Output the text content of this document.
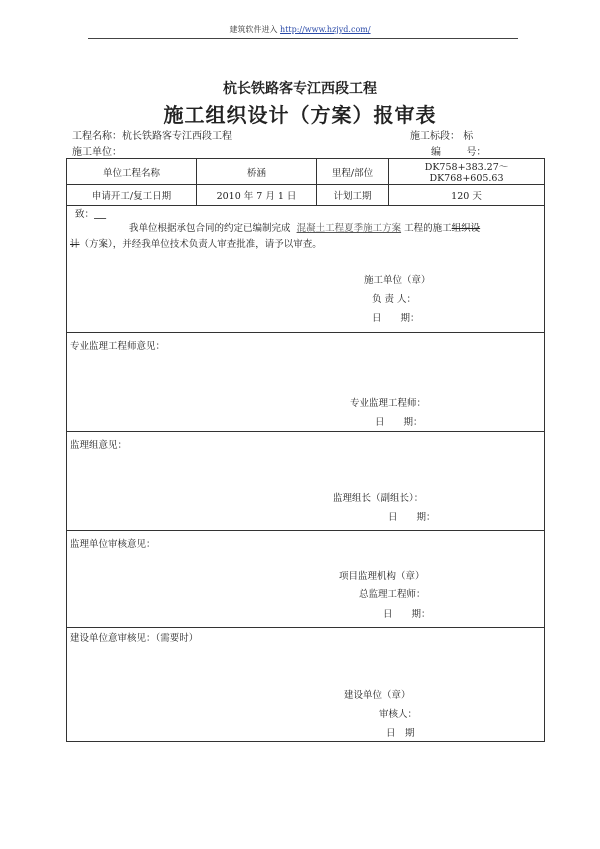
建筑软件进入 http://www.hzjyd.com/
杭长铁路客专江西段工程
施工组织设计（方案）报审表
工程名称：杭长铁路客专江西段工程	施工标段： 标
施工单位：	编	号：
单位工程名称	桥涵	里程/部位	DK758+383.27～DK768+605.63
申请开工/复工日期	2010 年 7 月 1 日	计划工期	120 天
致：
我单位根据承包合同的约定已编制完成 混凝土工程夏季施工方案 工程的施工组织设
计（方案），并经我单位技术负责人审查批准，请予以审查。
施工单位（章）
负 责 人：
日　　期：
专业监理工程师意见：
专业监理工程师：
日　　期：
监理组意见：
监理组长（副组长）：
日　　期：
监理单位审核意见：
项目监理机构（章）
总监理工程师：
日　　期：
建设单位意审核见：（需要时）
建设单位（章）
审核人：
日　期
